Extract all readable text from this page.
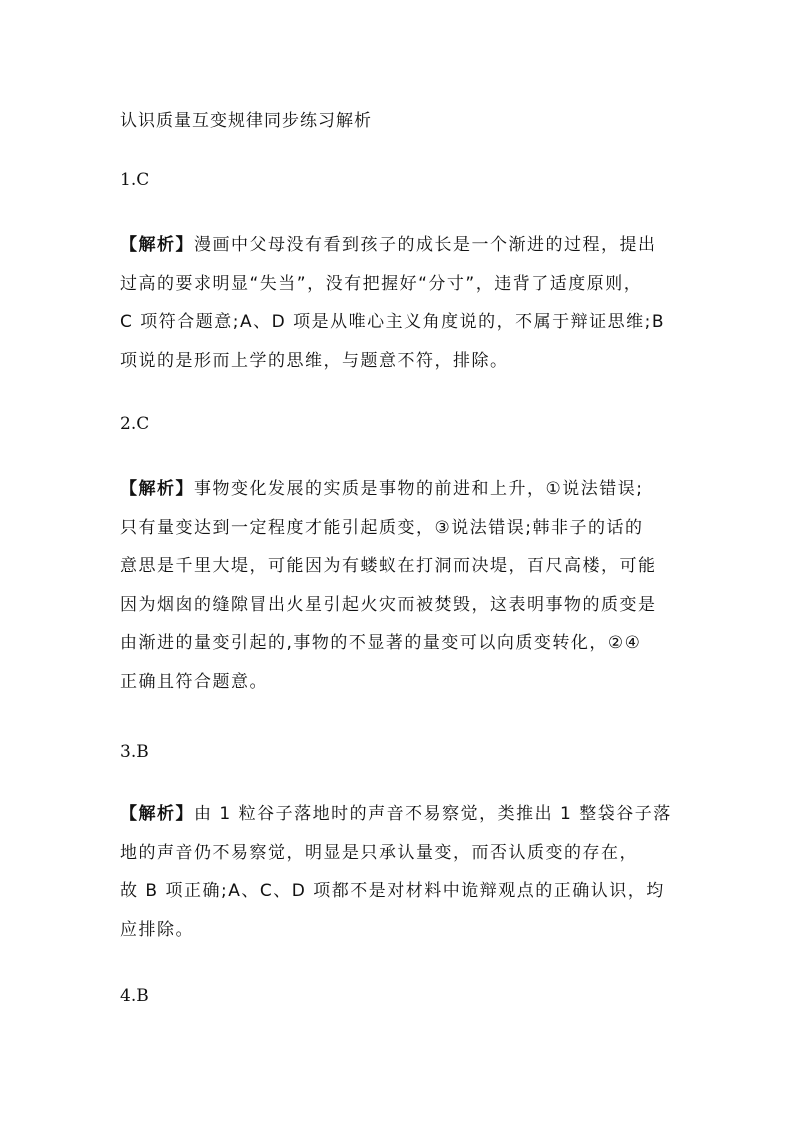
认识质量互变规律同步练习解析
1.C
【解析】漫画中父母没有看到孩子的成长是一个渐进的过程，提出
过高的要求明显“失当”，没有把握好“分寸”，违背了适度原则，
C 项符合题意;A、D 项是从唯心主义角度说的，不属于辩证思维;B
项说的是形而上学的思维，与题意不符，排除。
2.C
【解析】事物变化发展的实质是事物的前进和上升，①说法错误;
只有量变达到一定程度才能引起质变，③说法错误;韩非子的话的
意思是千里大堤，可能因为有蝼蚁在打洞而决堤，百尺高楼，可能
因为烟囱的缝隙冒出火星引起火灾而被焚毁，这表明事物的质变是
由渐进的量变引起的,事物的不显著的量变可以向质变转化，②④
正确且符合题意。
3.B
【解析】由 1 粒谷子落地时的声音不易察觉，类推出 1 整袋谷子落
地的声音仍不易察觉，明显是只承认量变，而否认质变的存在，
故 B 项正确;A、C、D 项都不是对材料中诡辩观点的正确认识，均
应排除。
4.B
